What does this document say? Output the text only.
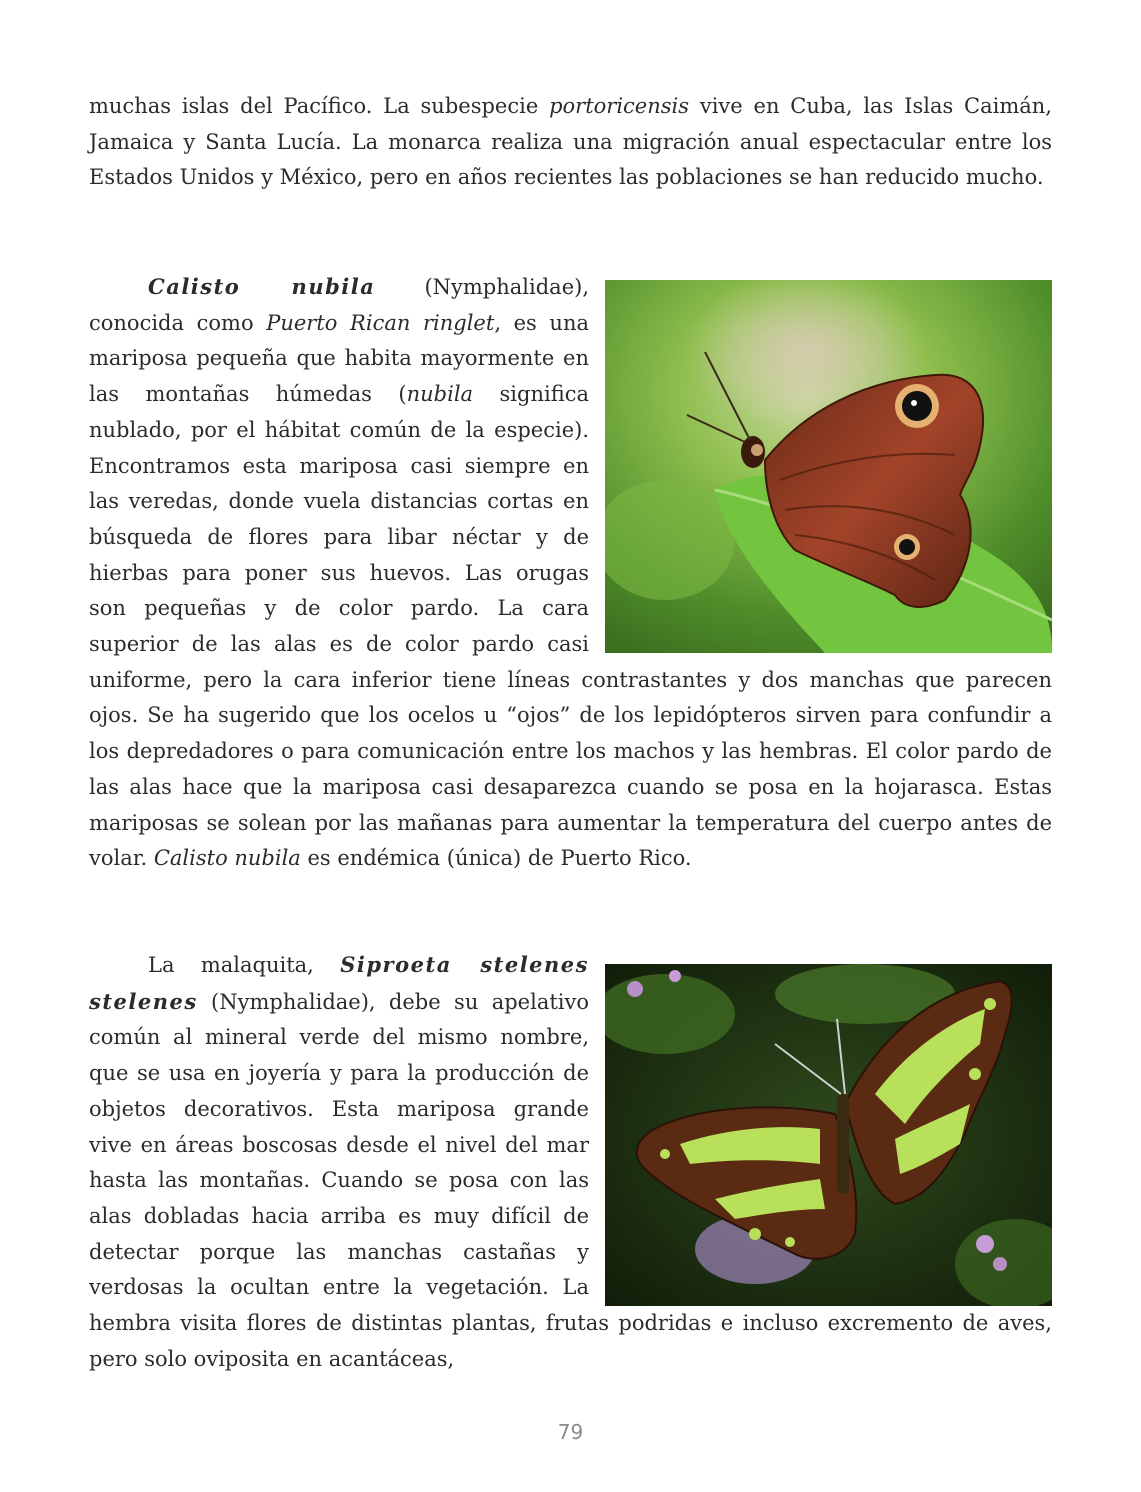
muchas islas del Pacífico. La subespecie portoricensis vive en Cuba, las Islas Caimán, Jamaica y Santa Lucía. La monarca realiza una migración anual espectacular entre los Estados Unidos y México, pero en años recientes las poblaciones se han reducido mucho.

Calisto nubila (Nymphalidae), conocida como Puerto Rican ringlet, es una mariposa pequeña que habita mayormente en las montañas húmedas (nubila significa nublado, por el hábitat común de la especie). Encontramos esta mariposa casi siempre en las veredas, donde vuela distancias cortas en búsqueda de flores para libar néctar y de hierbas para poner sus huevos. Las orugas son pequeñas y de color pardo. La cara superior de las alas es de color pardo casi uniforme, pero la cara inferior tiene líneas contrastantes y dos manchas que parecen ojos. Se ha sugerido que los ocelos u “ojos” de los lepidópteros sirven para confundir a los depredadores o para comunicación entre los machos y las hembras. El color pardo de las alas hace que la mariposa casi desaparezca cuando se posa en la hojarasca. Estas mariposas se solean por las mañanas para aumentar la temperatura del cuerpo antes de volar. Calisto nubila es endémica (única) de Puerto Rico.
La malaquita, Siproeta stelenes stelenes (Nymphalidae), debe su apelativo común al mineral verde del mismo nombre, que se usa en joyería y para la producción de objetos decorativos. Esta mariposa grande vive en áreas boscosas desde el nivel del mar hasta las montañas. Cuando se posa con las alas dobladas hacia arriba es muy difícil de detectar porque las manchas castañas y verdosas la ocultan entre la vegetación. La hembra visita flores de distintas plantas, frutas podridas e incluso excremento de aves, pero solo oviposita en acantáceas,
79
